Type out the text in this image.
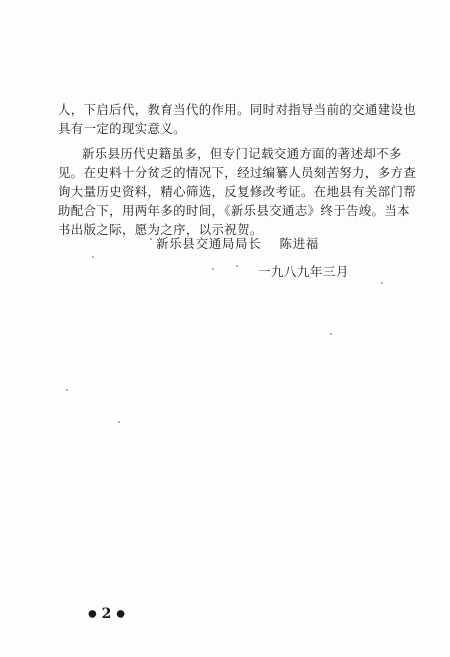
人，下启后代，教育当代的作用。同时对指导当前的交通建设也
具有一定的现实意义。
新乐县历代史籍虽多，但专门记载交通方面的著述却不多
见。在史料十分贫乏的情况下，经过编纂人员刻苦努力，多方查
询大量历史资料，精心筛选，反复修改考证。在地县有关部门帮
助配合下，用两年多的时间，《新乐县交通志》终于告竣。当本
书出版之际，愿为之序，以示祝贺。
新乐县交通局局长 陈进福
一九八九年三月
● 2 ●
